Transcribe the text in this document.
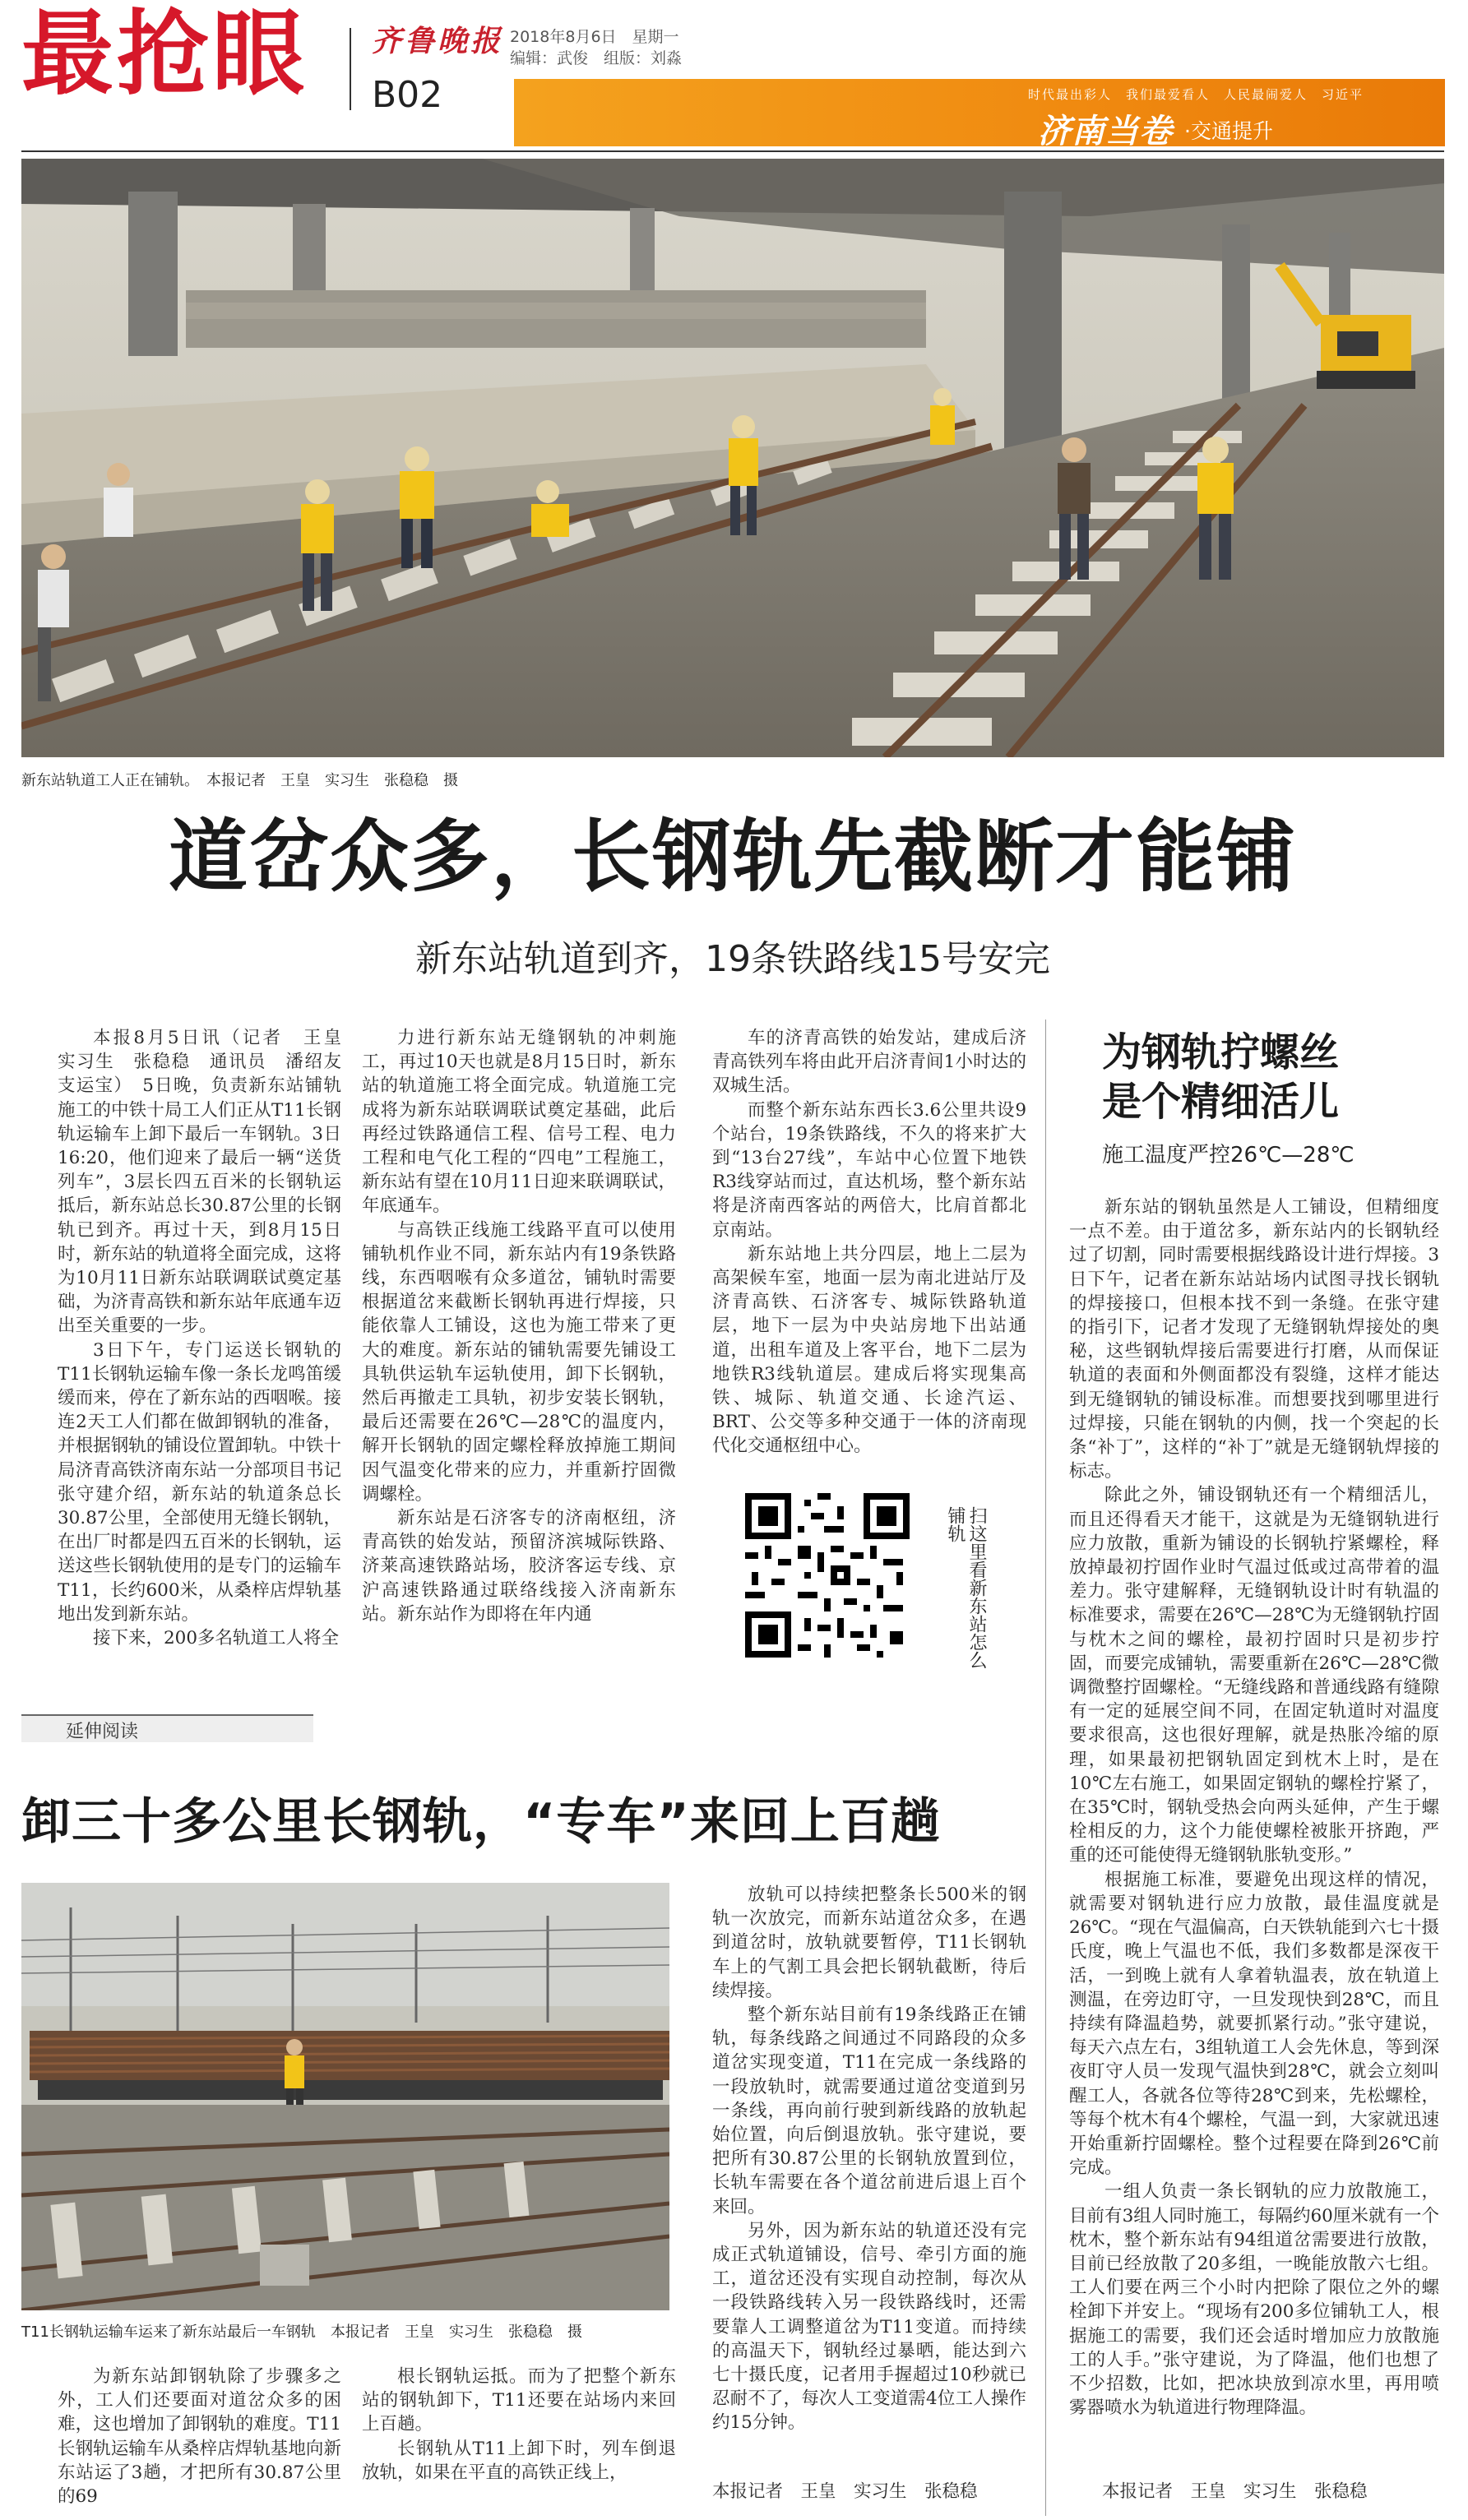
最抢眼 齐鲁晚报
B02
2018年8月6日　星期一
编辑：武俊　组版：刘淼
时代最出彩人　我们最爱看人　人民最闹爱人　习近平
济南当卷 ·交通提升
新东站轨道工人正在铺轨。　本报记者　王皇　实习生　张稳稳　摄
道岔众多，长钢轨先截断才能铺
新东站轨道到齐，19条铁路线15号安完

本报8月5日讯（记者　王皇　实习生　张稳稳　通讯员　潘绍友　支运宝）　5日晚，负责新东站铺轨施工的中铁十局工人们正从T11长钢轨运输车上卸下最后一车钢轨。3日16:20，他们迎来了最后一辆“送货列车”，3层长四五百米的长钢轨运抵后，新东站总长30.87公里的长钢轨已到齐。再过十天，到8月15日时，新东站的轨道将全面完成，这将为10月11日新东站联调联试奠定基础，为济青高铁和新东站年底通车迈出至关重要的一步。

3日下午，专门运送长钢轨的T11长钢轨运输车像一条长龙鸣笛缓缓而来，停在了新东站的西咽喉。接连2天工人们都在做卸钢轨的准备，并根据钢轨的铺设位置卸轨。中铁十局济青高铁济南东站一分部项目书记张守建介绍，新东站的轨道条总长30.87公里，全部使用无缝长钢轨，在出厂时都是四五百米的长钢轨，运送这些长钢轨使用的是专门的运输车T11，长约600米，从桑梓店焊轨基地出发到新东站。

接下来，200多名轨道工人将全

力进行新东站无缝钢轨的冲刺施工，再过10天也就是8月15日时，新东站的轨道施工将全面完成。轨道施工完成将为新东站联调联试奠定基础，此后再经过铁路通信工程、信号工程、电力工程和电气化工程的“四电”工程施工，新东站有望在10月11日迎来联调联试，年底通车。

与高铁正线施工线路平直可以使用铺轨机作业不同，新东站内有19条铁路线，东西咽喉有众多道岔，铺轨时需要根据道岔来截断长钢轨再进行焊接，只能依靠人工铺设，这也为施工带来了更大的难度。新东站的铺轨需要先铺设工具轨供运轨车运轨使用，卸下长钢轨，然后再撤走工具轨，初步安装长钢轨，最后还需要在26℃—28℃的温度内，解开长钢轨的固定螺栓释放掉施工期间因气温变化带来的应力，并重新拧固微调螺栓。

新东站是石济客专的济南枢纽，济青高铁的始发站，预留济滨城际铁路、济莱高速铁路站场，胶济客运专线、京沪高速铁路通过联络线接入济南新东站。新东站作为即将在年内通

车的济青高铁的始发站，建成后济青高铁列车将由此开启济青间1小时达的双城生活。

而整个新东站东西长3.6公里共设9个站台，19条铁路线，不久的将来扩大到“13台27线”，车站中心位置下地铁R3线穿站而过，直达机场，整个新东站将是济南西客站的两倍大，比肩首都北京南站。

新东站地上共分四层，地上二层为高架候车室，地面一层为南北进站厅及济青高铁、石济客专、城际铁路轨道层，地下一层为中央站房地下出站通道，出租车道及上客平台，地下二层为地铁R3线轨道层。建成后将实现集高铁、城际、轨道交通、长途汽运、BRT、公交等多种交通于一体的济南现代化交通枢纽中心。

扫这里看新东站怎么铺轨
为钢轨拧螺丝
是个精细活儿
施工温度严控26℃—28℃

新东站的钢轨虽然是人工铺设，但精细度一点不差。由于道岔多，新东站内的长钢轨经过了切割，同时需要根据线路设计进行焊接。3日下午，记者在新东站站场内试图寻找长钢轨的焊接接口，但根本找不到一条缝。在张守建的指引下，记者才发现了无缝钢轨焊接处的奥秘，这些钢轨焊接后需要进行打磨，从而保证轨道的表面和外侧面都没有裂缝，这样才能达到无缝钢轨的铺设标准。而想要找到哪里进行过焊接，只能在钢轨的内侧，找一个突起的长条“补丁”，这样的“补丁”就是无缝钢轨焊接的标志。

除此之外，铺设钢轨还有一个精细活儿，而且还得看天才能干，这就是为无缝钢轨进行应力放散，重新为铺设的长钢轨拧紧螺栓，释放掉最初拧固作业时气温过低或过高带着的温差力。张守建解释，无缝钢轨设计时有轨温的标准要求，需要在26℃—28℃为无缝钢轨拧固与枕木之间的螺栓，最初拧固时只是初步拧固，而要完成铺轨，需要重新在26℃—28℃微调微整拧固螺栓。“无缝线路和普通线路有缝隙有一定的延展空间不同，在固定轨道时对温度要求很高，这也很好理解，就是热胀冷缩的原理，如果最初把钢轨固定到枕木上时，是在10℃左右施工，如果固定钢轨的螺栓拧紧了，在35℃时，钢轨受热会向两头延伸，产生于螺栓相反的力，这个力能使螺栓被胀开挤跑，严重的还可能使得无缝钢轨胀轨变形。”

根据施工标准，要避免出现这样的情况，就需要对钢轨进行应力放散，最佳温度就是26℃。“现在气温偏高，白天铁轨能到六七十摄氏度，晚上气温也不低，我们多数都是深夜干活，一到晚上就有人拿着轨温表，放在轨道上测温，在旁边盯守，一旦发现快到28℃，而且持续有降温趋势，就要抓紧行动。”张守建说，每天六点左右，3组轨道工人会先休息，等到深夜盯守人员一发现气温快到28℃，就会立刻叫醒工人，各就各位等待28℃到来，先松螺栓，等每个枕木有4个螺栓，气温一到，大家就迅速开始重新拧固螺栓。整个过程要在降到26℃前完成。

一组人负责一条长钢轨的应力放散施工，目前有3组人同时施工，每隔约60厘米就有一个枕木，整个新东站有94组道岔需要进行放散，目前已经放散了20多组，一晚能放散六七组。工人们要在两三个小时内把除了限位之外的螺栓卸下并安上。“现场有200多位铺轨工人，根据施工的需要，我们还会适时增加应力放散施工的人手。”张守建说，为了降温，他们也想了不少招数，比如，把冰块放到凉水里，再用喷雾器喷水为轨道进行物理降温。

本报记者　王皇　实习生　张稳稳
延伸阅读
卸三十多公里长钢轨，“专车”来回上百趟
T11长钢轨运输车运来了新东站最后一车钢轨　本报记者　王皇　实习生　张稳稳　摄

为新东站卸钢轨除了步骤多之外，工人们还要面对道岔众多的困难，这也增加了卸钢轨的难度。T11长钢轨运输车从桑梓店焊轨基地向新东站运了3趟，才把所有30.87公里的69

根长钢轨运抵。而为了把整个新东站的钢轨卸下，T11还要在站场内来回上百趟。

长钢轨从T11上卸下时，列车倒退放轨，如果在平直的高铁正线上，

放轨可以持续把整条长500米的钢轨一次放完，而新东站道岔众多，在遇到道岔时，放轨就要暂停，T11长钢轨车上的气割工具会把长钢轨截断，待后续焊接。

整个新东站目前有19条线路正在铺轨，每条线路之间通过不同路段的众多道岔实现变道，T11在完成一条线路的一段放轨时，就需要通过道岔变道到另一条线，再向前行驶到新线路的放轨起始位置，向后倒退放轨。张守建说，要把所有30.87公里的长钢轨放置到位，长轨车需要在各个道岔前进后退上百个来回。

另外，因为新东站的轨道还没有完成正式轨道铺设，信号、牵引方面的施工，道岔还没有实现自动控制，每次从一段铁路线转入另一段铁路线时，还需要靠人工调整道岔为T11变道。而持续的高温天下，钢轨经过暴晒，能达到六七十摄氏度，记者用手握超过10秒就已忍耐不了，每次人工变道需4位工人操作约15分钟。

本报记者　王皇　实习生　张稳稳
